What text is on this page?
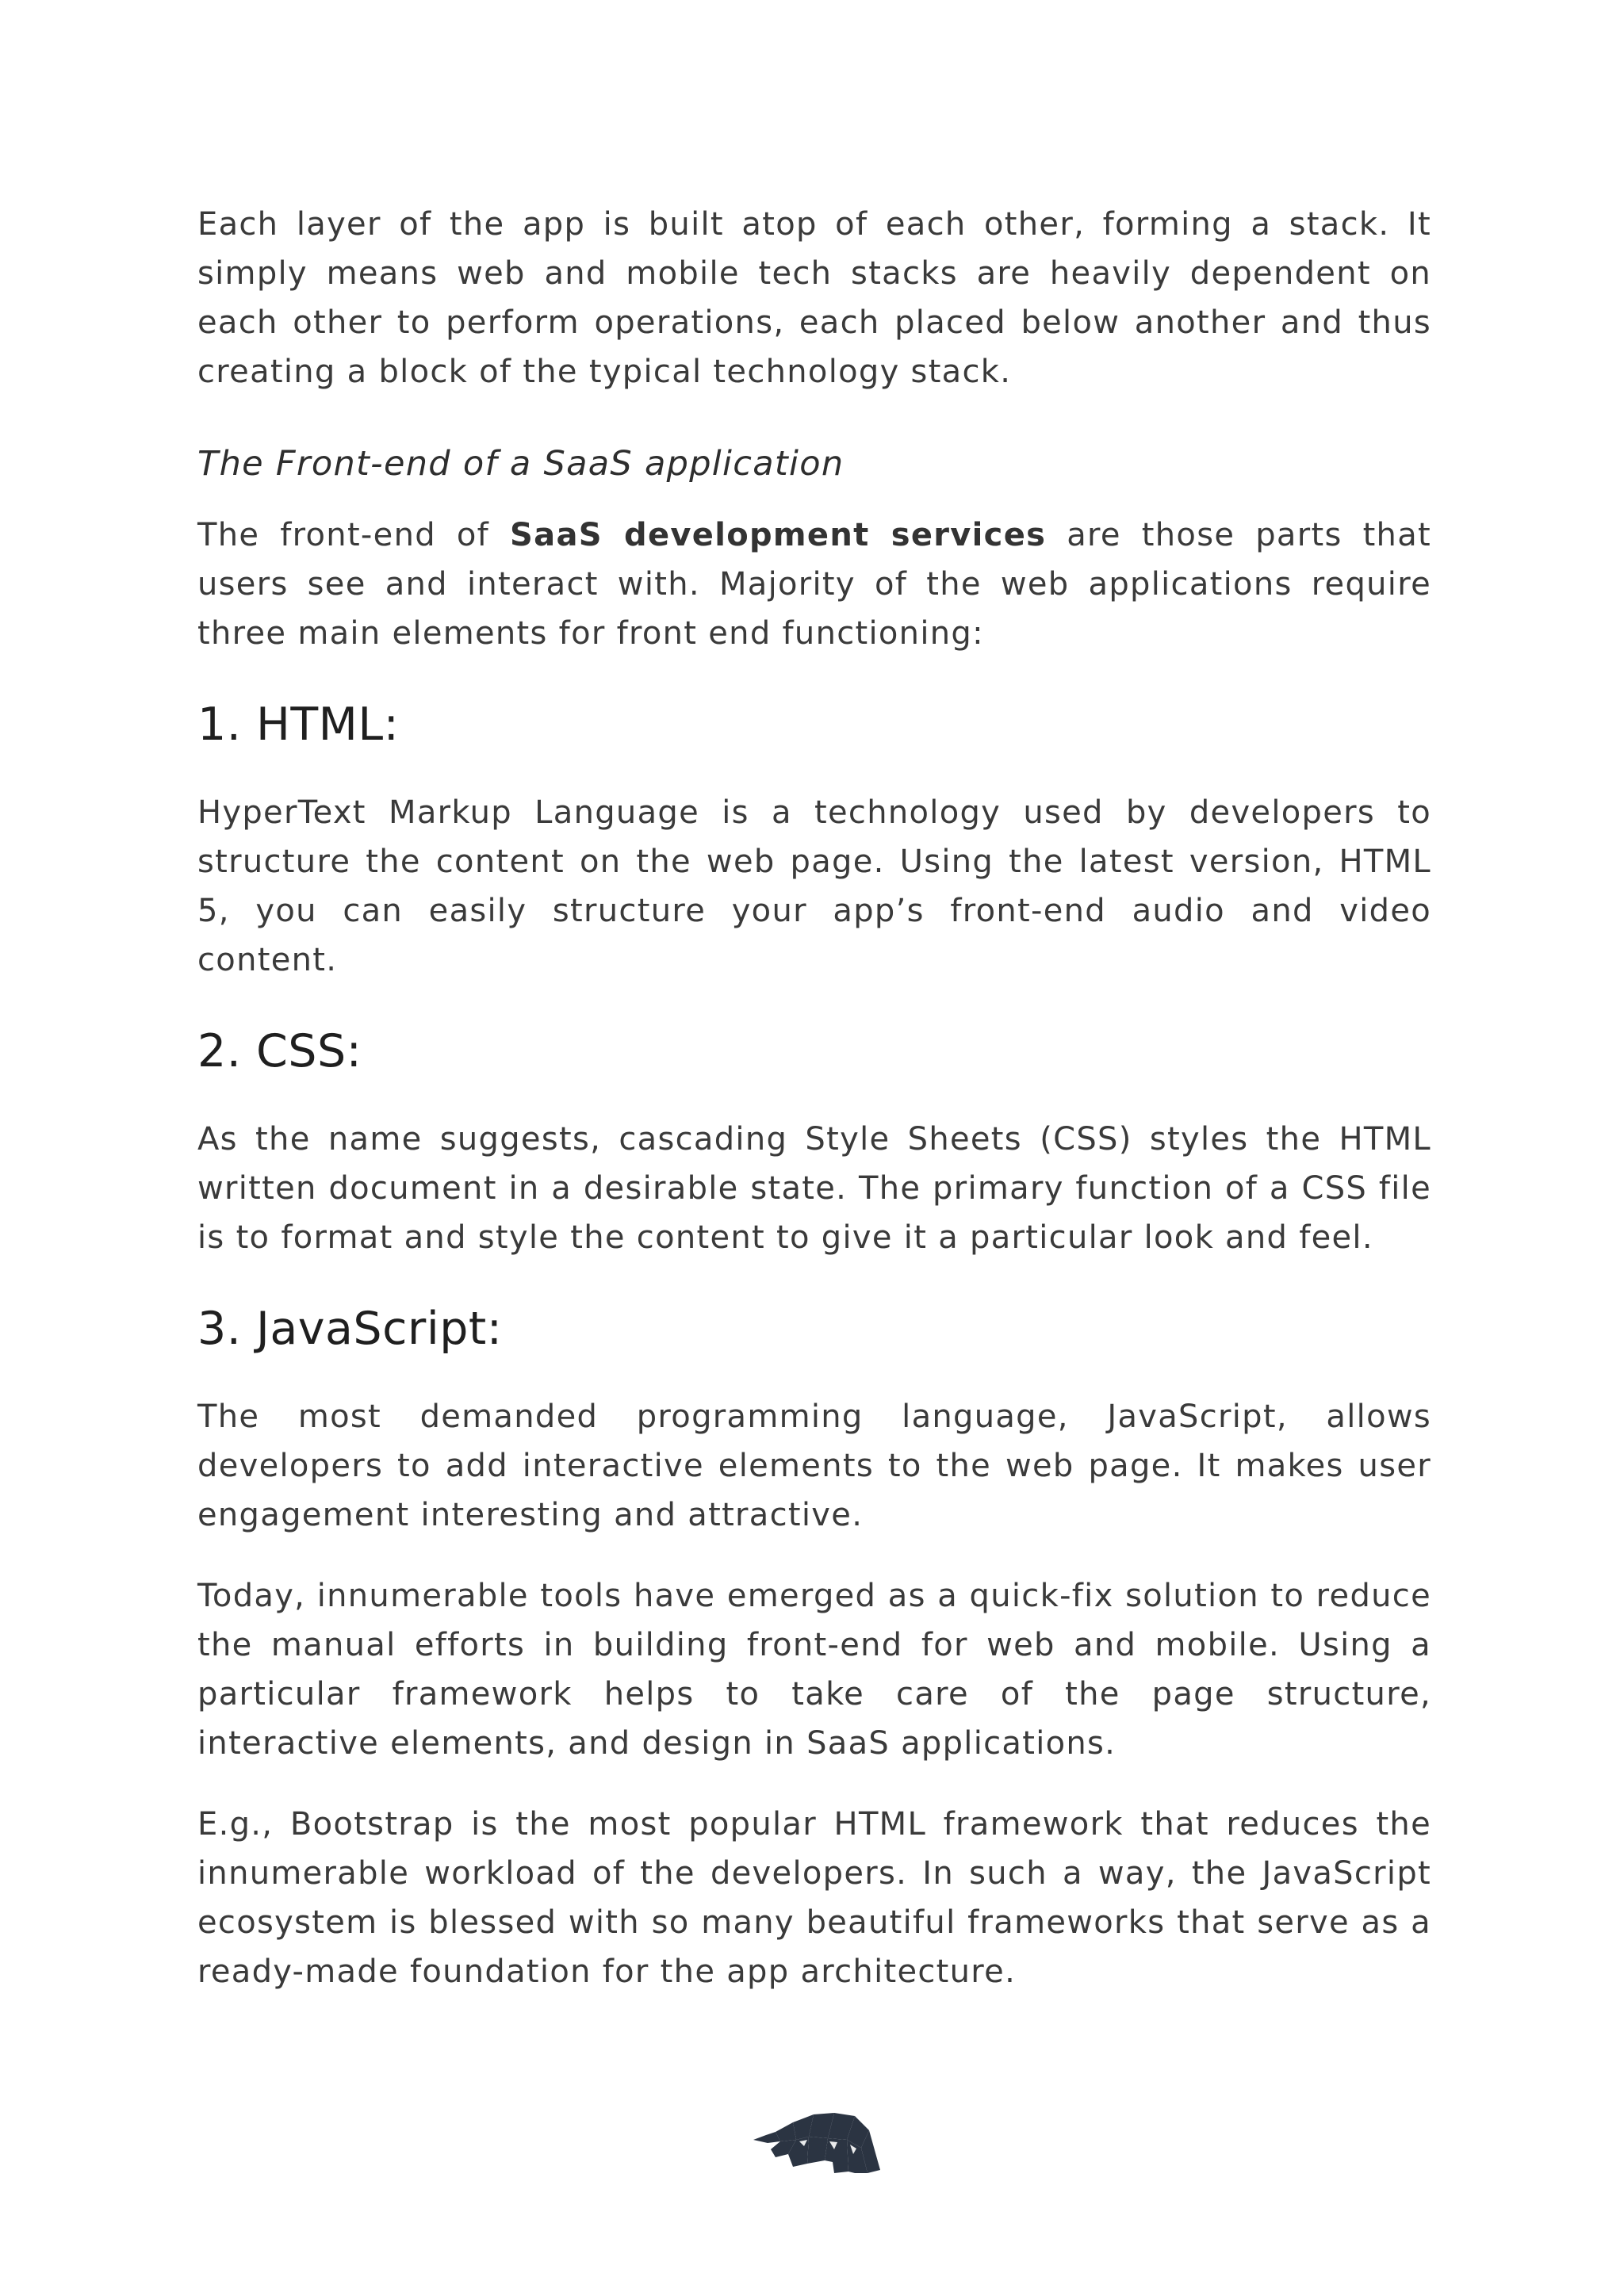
Each layer of the app is built atop of each other, forming a stack. It simply means web and mobile tech stacks are heavily dependent on each other to perform operations, each placed below another and thus creating a block of the typical technology stack.

The Front-end of a SaaS application

The front-end of SaaS development services are those parts that users see and interact with. Majority of the web applications require three main elements for front end functioning:

1. HTML:

HyperText Markup Language is a technology used by developers to structure the content on the web page. Using the latest version, HTML 5, you can easily structure your app’s front-end audio and video content.

2. CSS:

As the name suggests, cascading Style Sheets (CSS) styles the HTML written document in a desirable state. The primary function of a CSS file is to format and style the content to give it a particular look and feel.

3. JavaScript:

The most demanded programming language, JavaScript, allows developers to add interactive elements to the web page. It makes user engagement interesting and attractive.

Today, innumerable tools have emerged as a quick-fix solution to reduce the manual efforts in building front-end for web and mobile. Using a particular framework helps to take care of the page structure, interactive elements, and design in SaaS applications.

E.g., Bootstrap is the most popular HTML framework that reduces the innumerable workload of the developers. In such a way, the JavaScript ecosystem is blessed with so many beautiful frameworks that serve as a ready-made foundation for the app architecture.
